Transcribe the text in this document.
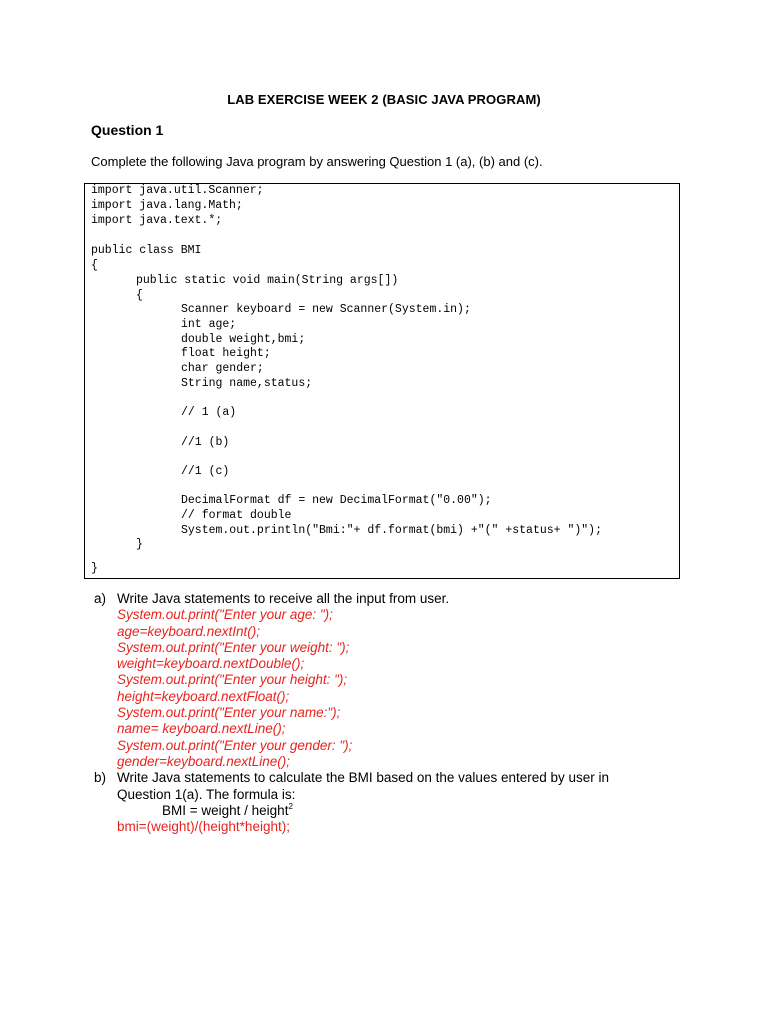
LAB EXERCISE WEEK 2 (BASIC JAVA PROGRAM)
Question 1
Complete the following Java program by answering Question 1 (a), (b) and (c).
import java.util.Scanner;
import java.lang.Math;
import java.text.*;
public class BMI
{
public static void main(String args[])
{
Scanner keyboard = new Scanner(System.in);
int age;
double weight,bmi;
float height;
char gender;
String name,status;
// 1 (a)
//1 (b)
//1 (c)
DecimalFormat df = new DecimalFormat("0.00");
// format double
System.out.println("Bmi:"+ df.format(bmi) +"(" +status+ ")");
}
}
a) Write Java statements to receive all the input from user.
System.out.print("Enter your age: ");
age=keyboard.nextInt();
System.out.print("Enter your weight: ");
weight=keyboard.nextDouble();
System.out.print("Enter your height: ");
height=keyboard.nextFloat();
System.out.print("Enter your name:");
name= keyboard.nextLine();
System.out.print("Enter your gender: ");
gender=keyboard.nextLine();
b) Write Java statements to calculate the BMI based on the values entered by user in
Question 1(a). The formula is:
BMI = weight / height$^2$
bmi=(weight)/(height*height);
